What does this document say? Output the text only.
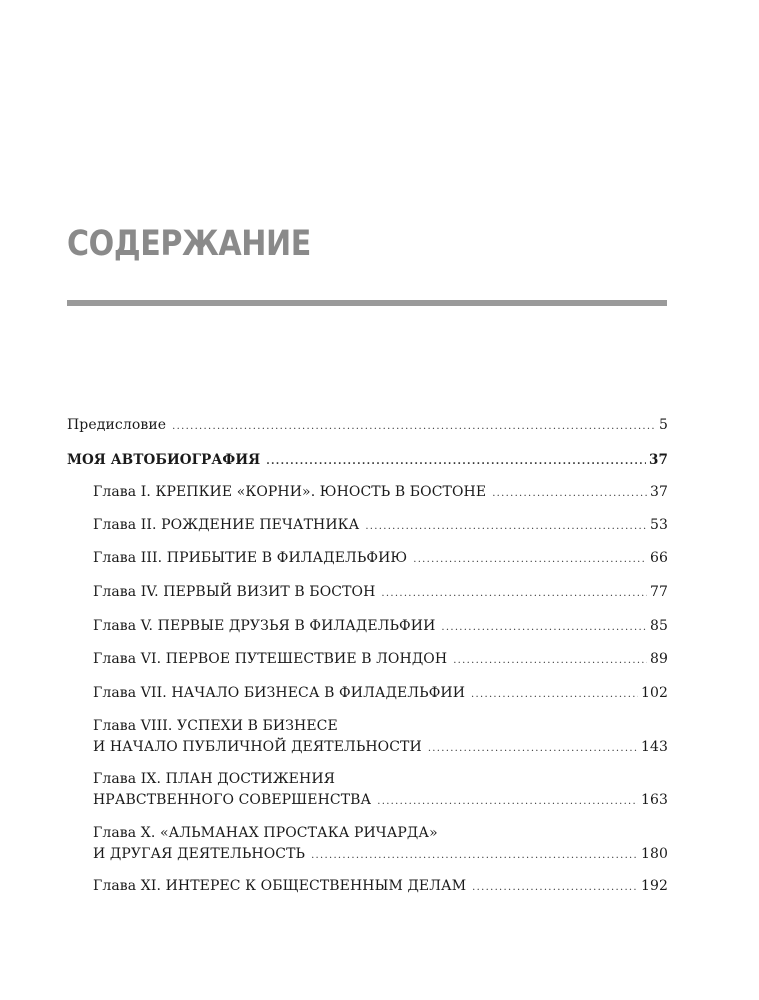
СОДЕРЖАНИЕ
Предисловие .....	5
МОЯ АВТОБИОГРАФИЯ .....	37
Глава I. КРЕПКИЕ «КОРНИ». ЮНОСТЬ В БОСТОНЕ .....	37
Глава II. РОЖДЕНИЕ ПЕЧАТНИКА .....	53
Глава III. ПРИБЫТИЕ В ФИЛАДЕЛЬФИЮ .....	66
Глава IV. ПЕРВЫЙ ВИЗИТ В БОСТОН .....	77
Глава V. ПЕРВЫЕ ДРУЗЬЯ В ФИЛАДЕЛЬФИИ .....	85
Глава VI. ПЕРВОЕ ПУТЕШЕСТВИЕ В ЛОНДОН .....	89
Глава VII. НАЧАЛО БИЗНЕСА В ФИЛАДЕЛЬФИИ .....	102
Глава VIII. УСПЕХИ В БИЗНЕСЕ
И НАЧАЛО ПУБЛИЧНОЙ ДЕЯТЕЛЬНОСТИ .....	143
Глава IX. ПЛАН ДОСТИЖЕНИЯ
НРАВСТВЕННОГО СОВЕРШЕНСТВА .....	163
Глава X. «АЛЬМАНАХ ПРОСТАКА РИЧАРДА»
И ДРУГАЯ ДЕЯТЕЛЬНОСТЬ .....	180
Глава XI. ИНТЕРЕС К ОБЩЕСТВЕННЫМ ДЕЛАМ .....	192
